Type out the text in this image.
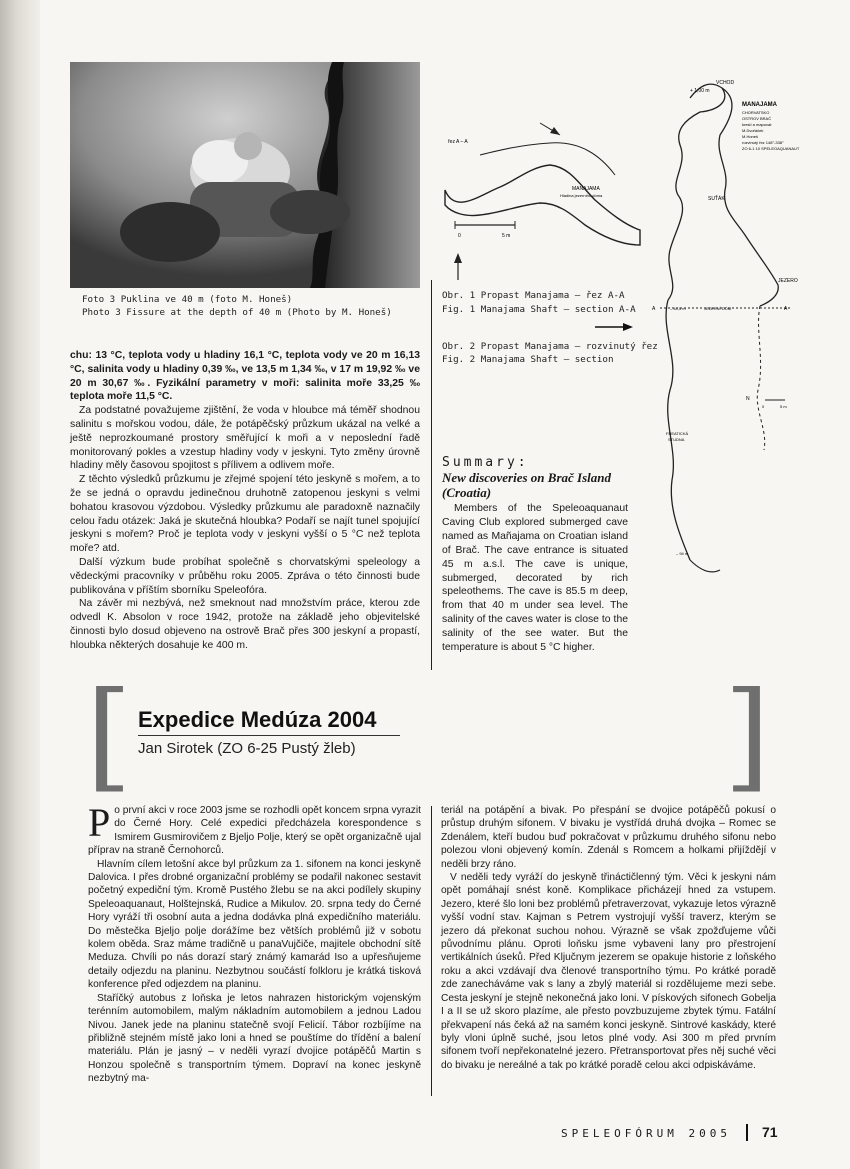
Foto 3 Puklina ve 40 m (foto M. Honeš)

Photo 3 Fissure at the depth of 40 m (Photo by M. Honeš)

řez A – A
MANAJAMA
Hladina jezerního dóma
0	5 m

Obr. 1 Propast Manajama – řez A-A

Fig. 1 Manajama Shaft – section A-A

Obr. 2 Propast Manajama – rozvinutý řez

Fig. 2 Manajama Shaft – section

+ 1,00 m
VCHOD
MANAJAMA
CHORVATSKO
OSTROV BRAČ
kreslí a mapoval:
M.Dvořáček
M.Honeš
rozvinutý řez 148°-338°
ZO 6-1 10 SPELEOAQUANAUT
SUŤÁK
JEZERO
– 44,5 m	JEZERNÍ DÓM
A	A
FREATICKÁ
STUDNA
– 94 m
0	5 m
N

chu: 13 °C, teplota vody u hladiny 16,1 °C, teplota vody ve 20 m 16,13 °C, salinita vody u hladiny 0,39 ‰, ve 13,5 m 1,34 ‰, v 17 m 19,92 ‰ ve 20 m 30,67 ‰. Fyzikální parametry v moři: salinita moře 33,25 ‰ teplota moře 11,5 °C.

Za podstatné považujeme zjištění, že voda v hloubce má téměř shodnou salinitu s mořskou vodou, dále, že potápěčský průzkum ukázal na velké a ještě neprozkoumané prostory směřující k moři a v neposlední řadě monitorovaný pokles a vzestup hladiny vody v jeskyni. Tyto změny úrovně hladiny měly časovou spojitost s přílivem a odlivem moře.

Z těchto výsledků průzkumu je zřejmé spojení této jeskyně s mořem, a to že se jedná o opravdu jedinečnou druhotně zatopenou jeskyni s velmi bohatou krasovou výzdobou. Výsledky průzkumu ale paradoxně naznačily celou řadu otázek: Jaká je skutečná hloubka? Podaří se najít tunel spojující jeskyni s mořem? Proč je teplota vody v jeskyni vyšší o 5 °C než teplota moře? atd.

Další výzkum bude probíhat společně s chorvatskými speleology a vědeckými pracovníky v průběhu roku 2005. Zpráva o této činnosti bude publikována v příštím sborníku Speleofóra.

Na závěr mi nezbývá, než smeknout nad množstvím práce, kterou zde odvedl K. Absolon v roce 1942, protože na základě jeho objevitelské činnosti bylo dosud objeveno na ostrově Brač přes 300 jeskyní a propastí, hloubka některých dosahuje ke 400 m.

Summary:
New discoveries on Brač Island (Croatia)

Members of the Speleoaquanaut Caving Club explored submerged cave named as Mañajama on Croatian island of Brač. The cave entrance is situated 45 m a.s.l. The cave is unique, submerged, decorated by rich speleothems. The cave is 85.5 m deep, from that 40 m under sea level. The salinity of the caves water is close to the salinity of the see water. But the temperature is about 5 °C higher.

[	]
Expedice Medúza 2004
Jan Sirotek (ZO 6-25 Pustý žleb)

Po první akci v roce 2003 jsme se rozhodli opět koncem srpna vyrazit do Černé Hory. Celé expedici předcházela korespondence s Ismirem Gusmirovičem z Bjeljo Polje, který se opět organizačně ujal příprav na straně Černohorců.

Hlavním cílem letošní akce byl průzkum za 1. sifonem na konci jeskyně Dalovica. I přes drobné organizační problémy se podařil nakonec sestavit početný expediční tým. Kromě Pustého žlebu se na akci podílely skupiny Speleoaquanaut, Holštejnská, Rudice a Mikulov. 20. srpna tedy do Černé Hory vyráží tři osobní auta a jedna dodávka plná expedičního materiálu. Do městečka Bjeljo polje dorážíme bez větších problémů již v sobotu kolem oběda. Sraz máme tradičně u panaVujčiče, majitele obchodní sítě Meduza. Chvíli po nás dorazí starý známý kamarád Iso a upřesňujeme detaily odjezdu na planinu. Nezbytnou součástí folkloru je krátká tisková konference před odjezdem na planinu.

Staříčký autobus z loňska je letos nahrazen historickým vojenským terénním automobilem, malým nákladním automobilem a jednou Ladou Nivou. Janek jede na planinu statečně svojí Felicií. Tábor rozbíjíme na přibližně stejném místě jako loni a hned se pouštíme do třídění a balení materiálu. Plán je jasný – v neděli vyrazí dvojice potápěčů Martin s Honzou společně s transportním týmem. Dopraví na konec jeskyně nezbytný ma-

teriál na potápění a bivak. Po přespání se dvojice potápěčů pokusí o průstup druhým sifonem. V bivaku je vystřídá druhá dvojka – Romec se Zdenálem, kteří budou buď pokračovat v průzkumu druhého sifonu nebo polezou vloni objevený komín. Zdenál s Romcem a holkami přijíždějí v neděli brzy ráno.

V neděli tedy vyráží do jeskyně třináctičlenný tým. Věci k jeskyni nám opět pomáhají snést koně. Komplikace přicházejí hned za vstupem. Jezero, které šlo loni bez problémů přetraverzovat, vykazuje letos výrazně vyšší vodní stav. Kajman s Petrem vystrojují vyšší traverz, kterým se jezero dá překonat suchou nohou. Výrazně se však zpožďujeme vůči původnímu plánu. Oproti loňsku jsme vybaveni lany pro přestrojení vertikálních úseků. Před Ključnym jezerem se opakuje historie z loňského roku a akci vzdávají dva členové transportního týmu. Po krátké poradě zde zanecháváme vak s lany a zbylý materiál si rozdělujeme mezi sebe. Cesta jeskyní je stejně nekonečná jako loni. V pískových sifonech Gobelja I a II se už skoro plazíme, ale přesto povzbuzujeme zbytek týmu. Fatální překvapení nás čeká až na samém konci jeskyně. Sintrové kaskády, které byly vloni úplně suché, jsou letos plné vody. Asi 300 m před prvním sifonem tvoří nepřekonatelné jezero. Přetransportovat přes něj suché věci do bivaku je nereálné a tak po krátké poradě celou akci odpiskáváme.

SPELEOFÓRUM 2005 71
